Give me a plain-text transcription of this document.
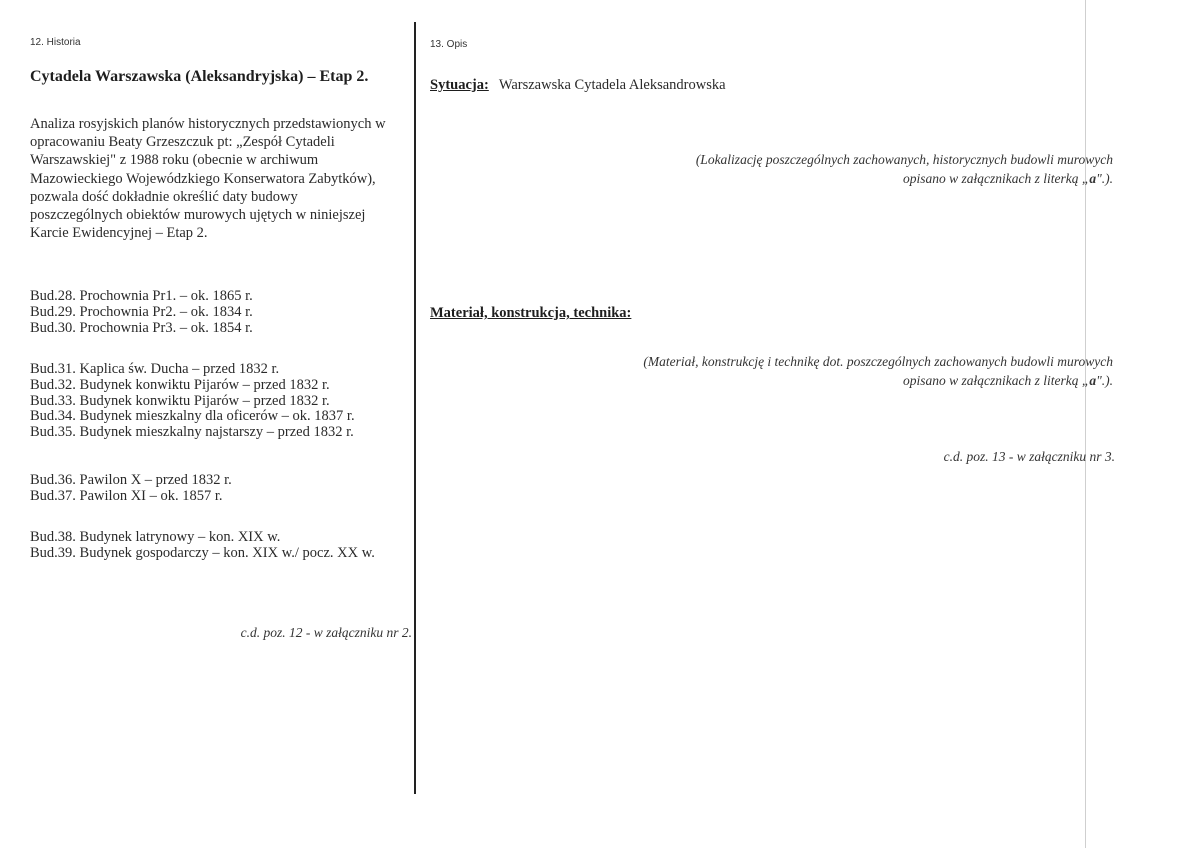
12. Historia
Cytadela Warszawska (Aleksandryjska) – Etap 2.
Analiza rosyjskich planów historycznych przedstawionych w
opracowaniu Beaty Grzeszczuk pt: „Zespół Cytadeli
Warszawskiej" z 1988 roku (obecnie w archiwum
Mazowieckiego Wojewódzkiego Konserwatora Zabytków),
pozwala dość dokładnie określić daty budowy
poszczególnych obiektów murowych ujętych w niniejszej
Karcie Ewidencyjnej – Etap 2.
Bud.28. Prochownia Pr1. – ok. 1865 r.
Bud.29. Prochownia Pr2. – ok. 1834 r.
Bud.30. Prochownia Pr3. – ok. 1854 r.
Bud.31. Kaplica św. Ducha – przed 1832 r.
Bud.32. Budynek konwiktu Pijarów – przed 1832 r.
Bud.33. Budynek konwiktu Pijarów – przed 1832 r.
Bud.34. Budynek mieszkalny dla oficerów – ok. 1837 r.
Bud.35. Budynek mieszkalny najstarszy – przed 1832 r.
Bud.36. Pawilon X – przed 1832 r.
Bud.37. Pawilon XI – ok. 1857 r.
Bud.38. Budynek latrynowy – kon. XIX w.
Bud.39. Budynek gospodarczy – kon. XIX w./ pocz. XX w.
c.d. poz. 12 - w załączniku nr 2.
13. Opis
Sytuacja: Warszawska Cytadela Aleksandrowska
(Lokalizację poszczególnych zachowanych, historycznych budowli murowych
opisano w załącznikach z literką „a".).
Materiał, konstrukcja, technika:
(Materiał, konstrukcję i technikę dot. poszczególnych zachowanych budowli murowych
opisano w załącznikach z literką „a".).
c.d. poz. 13 - w załączniku nr 3.
